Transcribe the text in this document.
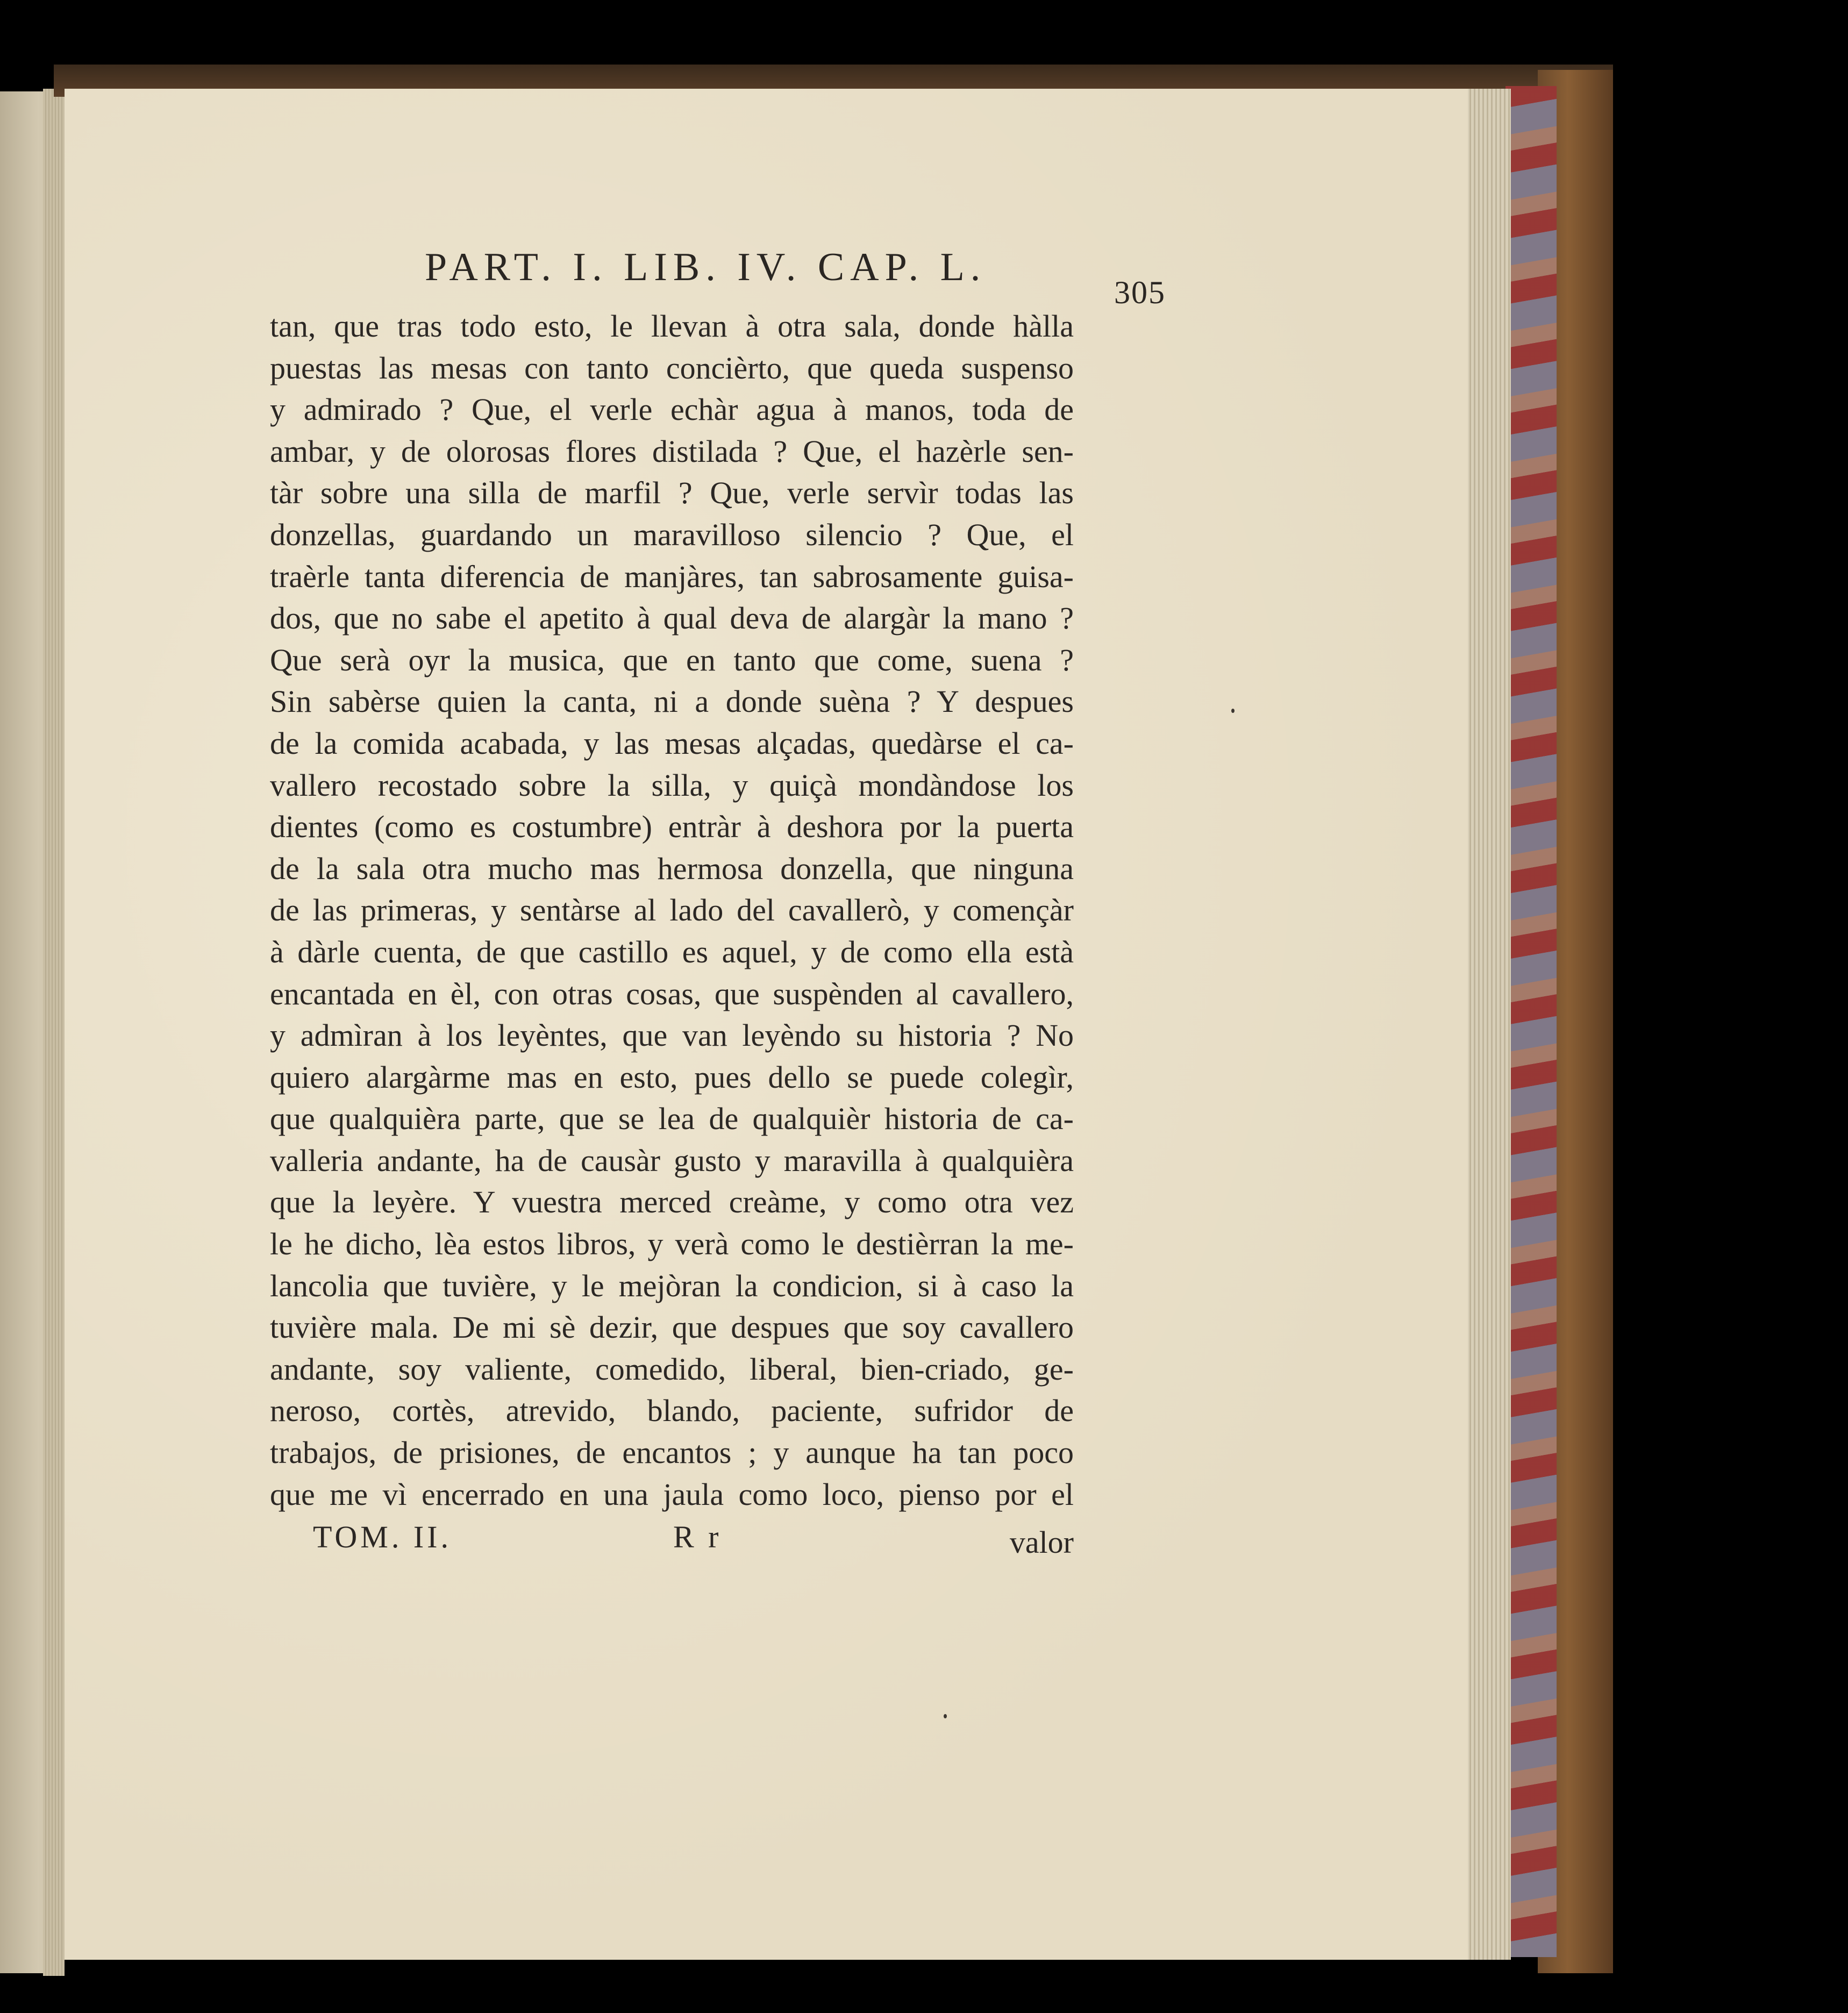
PART. I. LIB. IV. CAP. L.
305
tan, que tras todo esto, le llevan à otra sala, donde hàlla
puestas las mesas con tanto concièrto, que queda suspenso
y admirado ? Que, el verle echàr agua à manos, toda de
ambar, y de olorosas flores distilada ? Que, el hazèrle sen-
tàr sobre una silla de marfil ? Que, verle servìr todas las
donzellas, guardando un maravilloso silencio ? Que, el
traèrle tanta diferencia de manjàres, tan sabrosamente guisa-
dos, que no sabe el apetito à qual deva de alargàr la mano ?
Que serà oyr la musica, que en tanto que come, suena ?
Sin sabèrse quien la canta, ni a donde suèna ? Y despues
de la comida acabada, y las mesas alçadas, quedàrse el ca-
vallero recostado sobre la silla, y quiçà mondàndose los
dientes (como es costumbre) entràr à deshora por la puerta
de la sala otra mucho mas hermosa donzella, que ninguna
de las primeras, y sentàrse al lado del cavallerò, y començàr
à dàrle cuenta, de que castillo es aquel, y de como ella està
encantada en èl, con otras cosas, que suspènden al cavallero,
y admìran à los leyèntes, que van leyèndo su historia ? No
quiero alargàrme mas en esto, pues dello se puede colegìr,
que qualquièra parte, que se lea de qualquièr historia de ca-
valleria andante, ha de causàr gusto y maravilla à qualquièra
que la leyère. Y vuestra merced creàme, y como otra vez
le he dicho, lèa estos libros, y verà como le destièrran la me-
lancolia que tuvière, y le mejòran la condicion, si à caso la
tuvière mala. De mi sè dezir, que despues que soy cavallero
andante, soy valiente, comedido, liberal, bien-criado, ge-
neroso, cortès, atrevido, blando, paciente, sufridor de
trabajos, de prisiones, de encantos ; y aunque ha tan poco
que me vì encerrado en una jaula como loco, pienso por el
TOM. II.	R r	valor
